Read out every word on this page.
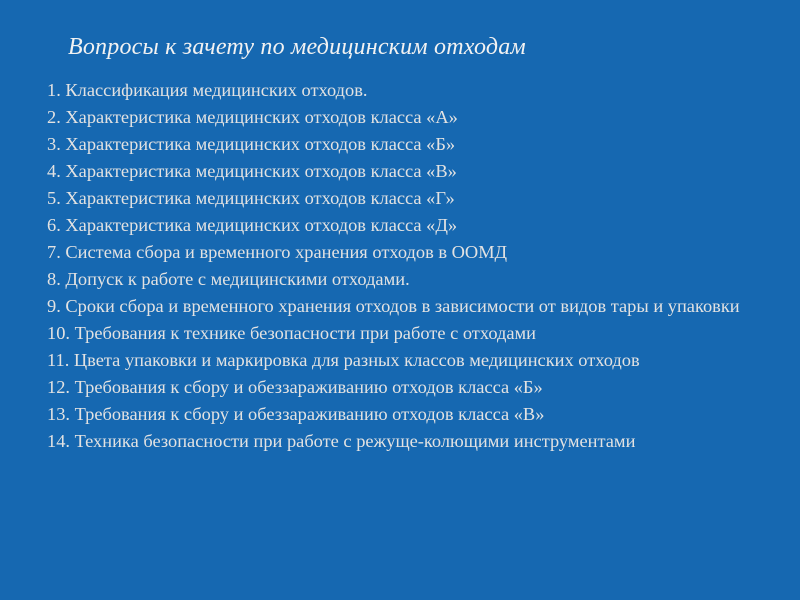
Вопросы к зачету по медицинским отходам
1. Классификация медицинских отходов.
2. Характеристика медицинских отходов класса «А»
3. Характеристика медицинских отходов класса «Б»
4. Характеристика медицинских отходов класса «В»
5. Характеристика медицинских отходов класса «Г»
6. Характеристика медицинских отходов класса «Д»
7. Система сбора и временного хранения отходов в ООМД
8. Допуск к работе с медицинскими отходами.
9. Сроки сбора и временного хранения отходов в зависимости от видов тары и упаковки
10. Требования к технике безопасности при работе с отходами
11. Цвета упаковки и маркировка для разных классов медицинских отходов
12. Требования к сбору и обеззараживанию отходов класса «Б»
13. Требования к сбору и обеззараживанию отходов класса «В»
14. Техника безопасности при работе с режуще-колющими инструментами
